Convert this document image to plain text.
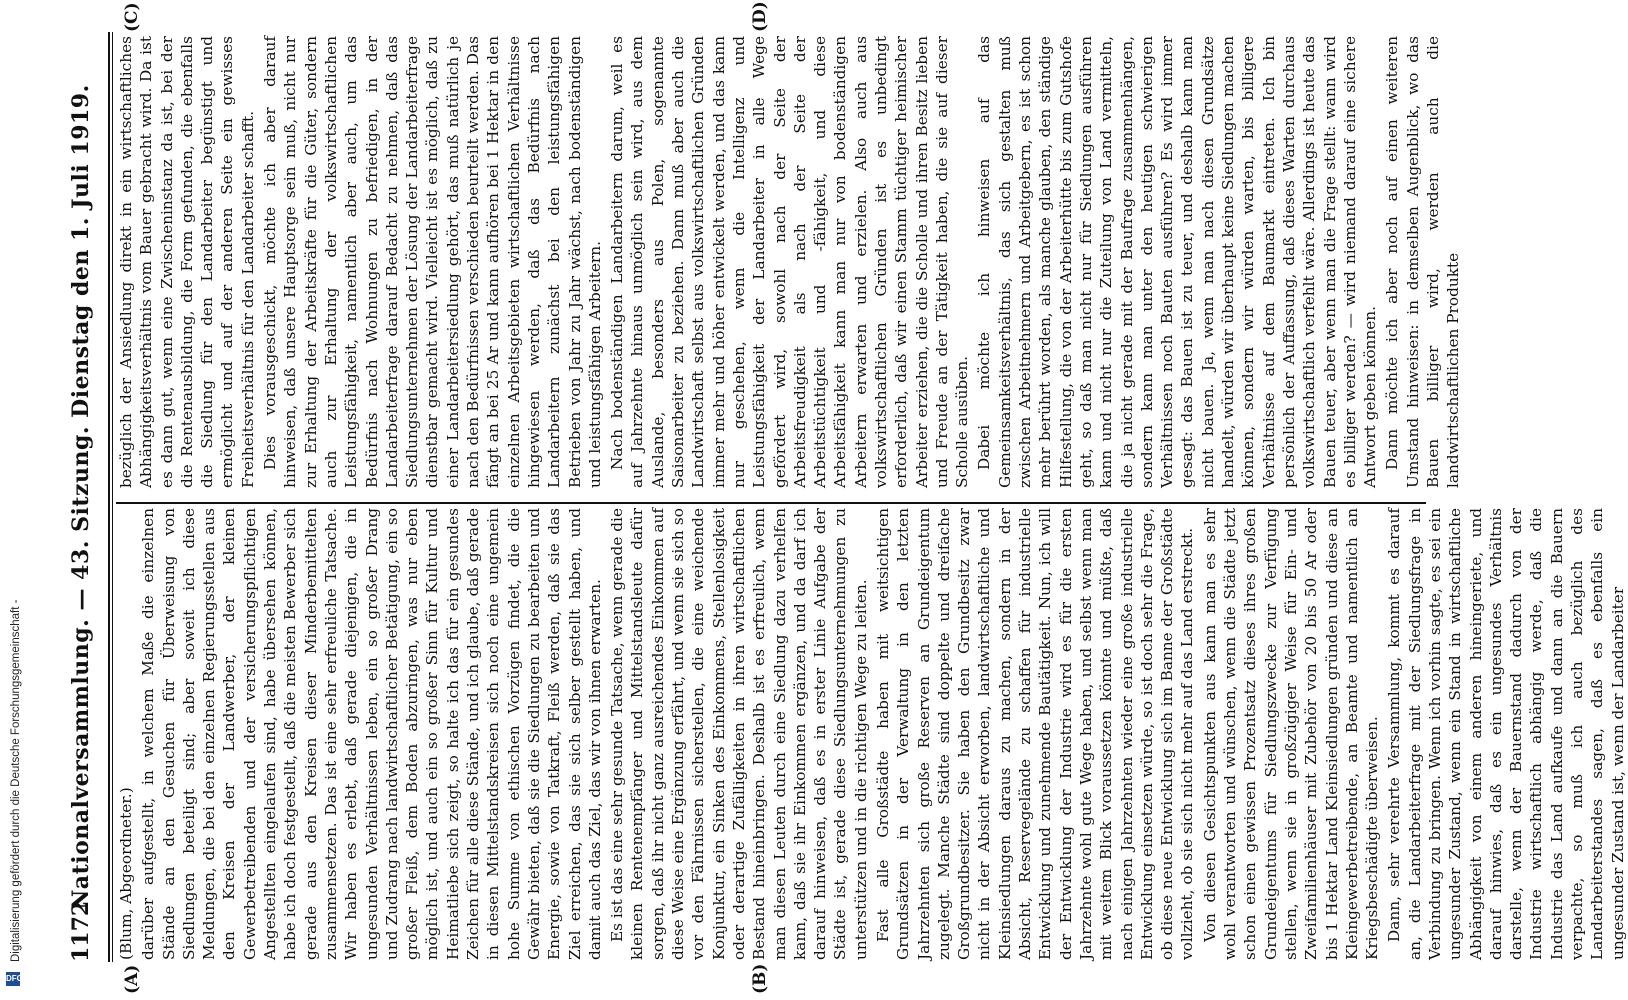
1172
Nationalversammlung. — 43. Sitzung. Dienstag den 1. Juli 1919.
(A)	(B)
(C)	(D)

(Blum, Abgeordneter.) darüber aufgestellt, in welchem Maße die einzelnen Stände an den Gesuchen für Überweisung von Siedlungen beteiligt sind; aber soweit ich diese Meldungen, die bei den einzelnen Regierungsstellen aus den Kreisen der Landwerber, der kleinen Gewerbetreibenden und der versicherungspflichtigen Angestellten eingelaufen sind, habe übersehen können, habe ich doch festgestellt, daß die meisten Bewerber sich gerade aus den Kreisen dieser Minderbemittelten zusammensetzen. Das ist eine sehr erfreuliche Tatsache. Wir haben es erlebt, daß gerade diejenigen, die in ungesunden Verhältnissen leben, ein so großer Drang und Zudrang nach landwirtschaftlicher Betätigung, ein so großer Fleiß, dem Boden abzuringen, was nur eben möglich ist, und auch ein so großer Sinn für Kultur und Heimatliebe sich zeigt, so halte ich das für ein gesundes Zeichen für alle diese Stände, und ich glaube, daß gerade in diesen Mittelstandskreisen sich noch eine ungemein hohe Summe von ethischen Vorzügen findet, die die Gewähr bieten, daß sie die Siedlungen zu bearbeiten und Energie, sowie von Tatkraft, Fleiß werden, daß sie das Ziel erreichen, das sie sich selber gestellt haben, und damit auch das Ziel, das wir von ihnen erwarten. Es ist das eine sehr gesunde Tatsache, wenn gerade die kleinen Rentenempfänger und Mittelstandsleute dafür sorgen, daß ihr nicht ganz ausreichendes Einkommen auf diese Weise eine Ergänzung erfährt, und wenn sie sich so vor den Fährnissen sicherstellen, die eine weichende Konjunktur, ein Sinken des Einkommens, Stellenlosigkeit oder derartige Zufälligkeiten in ihren wirtschaftlichen Bestand hineinbringen. Deshalb ist es erfreulich, wenn man diesen Leuten durch eine Siedlung dazu verhelfen kann, daß sie ihr Einkommen ergänzen, und da darf ich darauf hinweisen, daß es in erster Linie Aufgabe der Städte ist, gerade diese Siedlungsunternehmungen zu unterstützen und in die richtigen Wege zu leiten. Fast alle Großstädte haben mit weitsichtigen Grundsätzen in der Verwaltung in den letzten Jahrzehnten sich große Reserven an Grundeigentum zugelegt. Manche Städte sind doppelte und dreifache Großgrundbesitzer. Sie haben den Grundbesitz zwar nicht in der Absicht erworben, landwirtschaftliche und Kleinsiedlungen daraus zu machen, sondern in der Absicht, Reservegelände zu schaffen für industrielle Entwicklung und zunehmende Bautätigkeit. Nun, ich will der Entwicklung der Industrie wird es für die ersten Jahrzehnte wohl gute Wege haben, und selbst wenn man mit weitem Blick voraussetzen könnte und müßte, daß nach einigen Jahrzehnten wieder eine große industrielle Entwicklung einsetzen würde, so ist doch sehr die Frage, ob diese neue Entwicklung sich im Banne der Großstädte vollzieht, ob sie sich nicht mehr auf das Land erstreckt. Von diesen Gesichtspunkten aus kann man es sehr wohl verantworten und wünschen, wenn die Städte jetzt schon einen gewissen Prozentsatz dieses ihres großen Grundeigentums für Siedlungszwecke zur Verfügung stellen, wenn sie in großzügiger Weise für Ein- und Zweifamilienhäuser mit Zubehör von 20 bis 50 Ar oder bis 1 Hektar Land Kleinsiedlungen gründen und diese an Kleingewerbetreibende, an Beamte und namentlich an Kriegsbeschädigte überweisen. Dann, sehr verehrte Versammlung, kommt es darauf an, die Landarbeiterfrage mit der Siedlungsfrage in Verbindung zu bringen. Wenn ich vorhin sagte, es sei ein ungesunder Zustand, wenn ein Stand in wirtschaftliche Abhängigkeit von einem anderen hineingeriete, und darauf hinwies, daß es ein ungesundes Verhältnis darstelle, wenn der Bauernstand dadurch von der Industrie wirtschaftlich abhängig werde, daß die Industrie das Land aufkaufe und dann an die Bauern verpachte, so muß ich auch bezüglich des Landarbeiterstandes sagen, daß es ebenfalls ein ungesunder Zustand ist, wenn der Landarbeiter

bezüglich der Ansiedlung direkt in ein wirtschaftliches Abhängigkeitsverhältnis vom Bauer gebracht wird. Da ist es dann gut, wenn eine Zwischeninstanz da ist, bei der die Rentenausbildung, die Form gefunden, die ebenfalls die Siedlung für den Landarbeiter begünstigt und ermöglicht und auf der anderen Seite ein gewisses Freiheitsverhältnis für den Landarbeiter schafft. Dies vorausgeschickt, möchte ich aber darauf hinweisen, daß unsere Hauptsorge sein muß, nicht nur zur Erhaltung der Arbeitskräfte für die Güter, sondern auch zur Erhaltung der volkswirtschaftlichen Leistungsfähigkeit, namentlich aber auch, um das Bedürfnis nach Wohnungen zu befriedigen, in der Landarbeiterfrage darauf Bedacht zu nehmen, daß das Siedlungsunternehmen der Lösung der Landarbeiterfrage dienstbar gemacht wird. Vielleicht ist es möglich, daß zu einer Landarbeitersiedlung gehört, das muß natürlich je nach den Bedürfnissen verschieden beurteilt werden. Das fängt an bei 25 Ar und kann aufhören bei 1 Hektar in den einzelnen Arbeitsgebieten wirtschaftlichen Verhältnisse hingewiesen werden, daß das Bedürfnis nach Landarbeitern zunächst bei den leistungsfähigen Betrieben von Jahr zu Jahr wächst, nach bodenständigen und leistungsfähigen Arbeitern. Nach bodenständigen Landarbeitern darum, weil es auf Jahrzehnte hinaus unmöglich sein wird, aus dem Auslande, besonders aus Polen, sogenannte Saisonarbeiter zu beziehen. Dann muß aber auch die Landwirtschaft selbst aus volkswirtschaftlichen Gründen immer mehr und höher entwickelt werden, und das kann nur geschehen, wenn die Intelligenz und Leistungsfähigkeit der Landarbeiter in alle Wege gefördert wird, sowohl nach der Seite der Arbeitsfreudigkeit als nach der Seite der Arbeitstüchtigkeit und -fähigkeit, und diese Arbeitsfähigkeit kann man nur von bodenständigen Arbeitern erwarten und erzielen. Also auch aus volkswirtschaftlichen Gründen ist es unbedingt erforderlich, daß wir einen Stamm tüchtiger heimischer Arbeiter erziehen, die die Scholle und ihren Besitz lieben und Freude an der Tätigkeit haben, die sie auf dieser Scholle ausüben. Dabei möchte ich hinweisen auf das Gemeinsamkeitsverhältnis, das sich gestalten muß zwischen Arbeitnehmern und Arbeitgebern, es ist schon mehr berührt worden, als manche glauben, den ständige Hilfestellung, die von der Arbeiterhütte bis zum Gutshofe geht, so daß man nicht nur für Siedlungen ausführen kann und nicht nur die Zuteilung von Land vermitteln, die ja nicht gerade mit der Baufrage zusammenhängen, sondern kann man unter den heutigen schwierigen Verhältnissen noch Bauten ausführen? Es wird immer gesagt: das Bauen ist zu teuer, und deshalb kann man nicht bauen. Ja, wenn man nach diesen Grundsätze handelt, würden wir überhaupt keine Siedlungen machen können, sondern wir würden warten, bis billigere Verhältnisse auf dem Baumarkt eintreten. Ich bin persönlich der Auffassung, daß dieses Warten durchaus volkswirtschaftlich verfehlt wäre. Allerdings ist heute das Bauen teuer, aber wenn man die Frage stellt: wann wird es billiger werden? — wird niemand darauf eine sichere Antwort geben können. Dann möchte ich aber noch auf einen weiteren Umstand hinweisen: in demselben Augenblick, wo das Bauen billiger wird, werden auch die landwirtschaftlichen Produkte

Digitalisierung gefördert durch die Deutsche Forschungsgemeinschaft -
DFG
